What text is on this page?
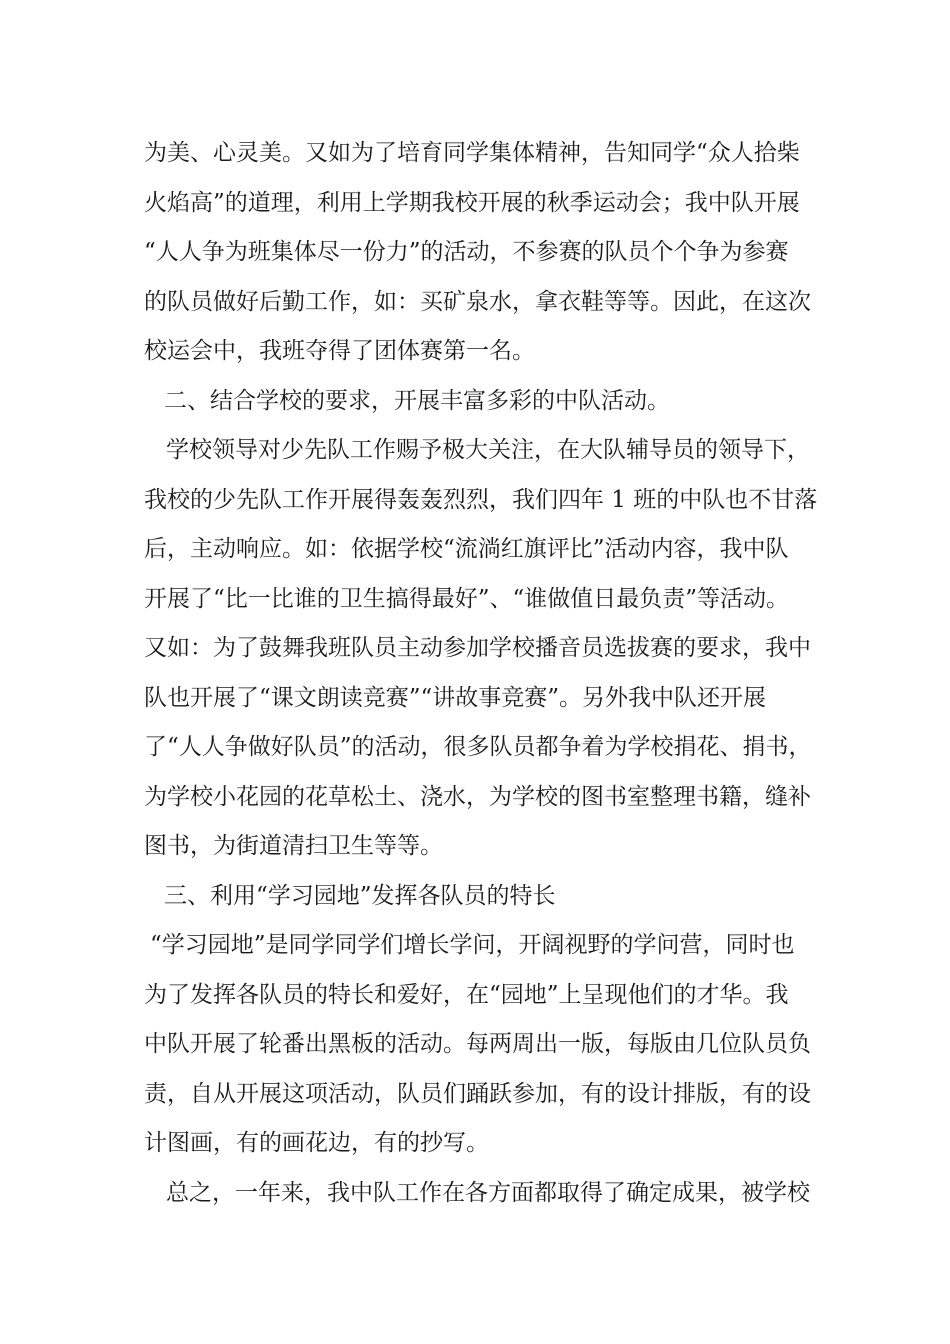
为美、心灵美。又如为了培育同学集体精神，告知同学“众人拾柴
火焰高”的道理，利用上学期我校开展的秋季运动会；我中队开展
“人人争为班集体尽一份力”的活动，不参赛的队员个个争为参赛
的队员做好后勤工作，如：买矿泉水，拿衣鞋等等。因此，在这次
校运会中，我班夺得了团体赛第一名。
二、结合学校的要求，开展丰富多彩的中队活动。
学校领导对少先队工作赐予极大关注，在大队辅导员的领导下，
我校的少先队工作开展得轰轰烈烈，我们四年 1 班的中队也不甘落
后，主动响应。如：依据学校“流淌红旗评比”活动内容，我中队
开展了“比一比谁的卫生搞得最好”、“谁做值日最负责”等活动。
又如：为了鼓舞我班队员主动参加学校播音员选拔赛的要求，我中
队也开展了“课文朗读竞赛”“讲故事竞赛”。另外我中队还开展
了“人人争做好队员”的活动，很多队员都争着为学校捐花、捐书，
为学校小花园的花草松土、浇水，为学校的图书室整理书籍，缝补
图书，为街道清扫卫生等等。
三、利用“学习园地”发挥各队员的特长
“学习园地”是同学同学们增长学问，开阔视野的学问营，同时也
为了发挥各队员的特长和爱好，在“园地”上呈现他们的才华。我
中队开展了轮番出黑板的活动。每两周出一版，每版由几位队员负
责，自从开展这项活动，队员们踊跃参加，有的设计排版，有的设
计图画，有的画花边，有的抄写。
总之，一年来，我中队工作在各方面都取得了确定成果，被学校
